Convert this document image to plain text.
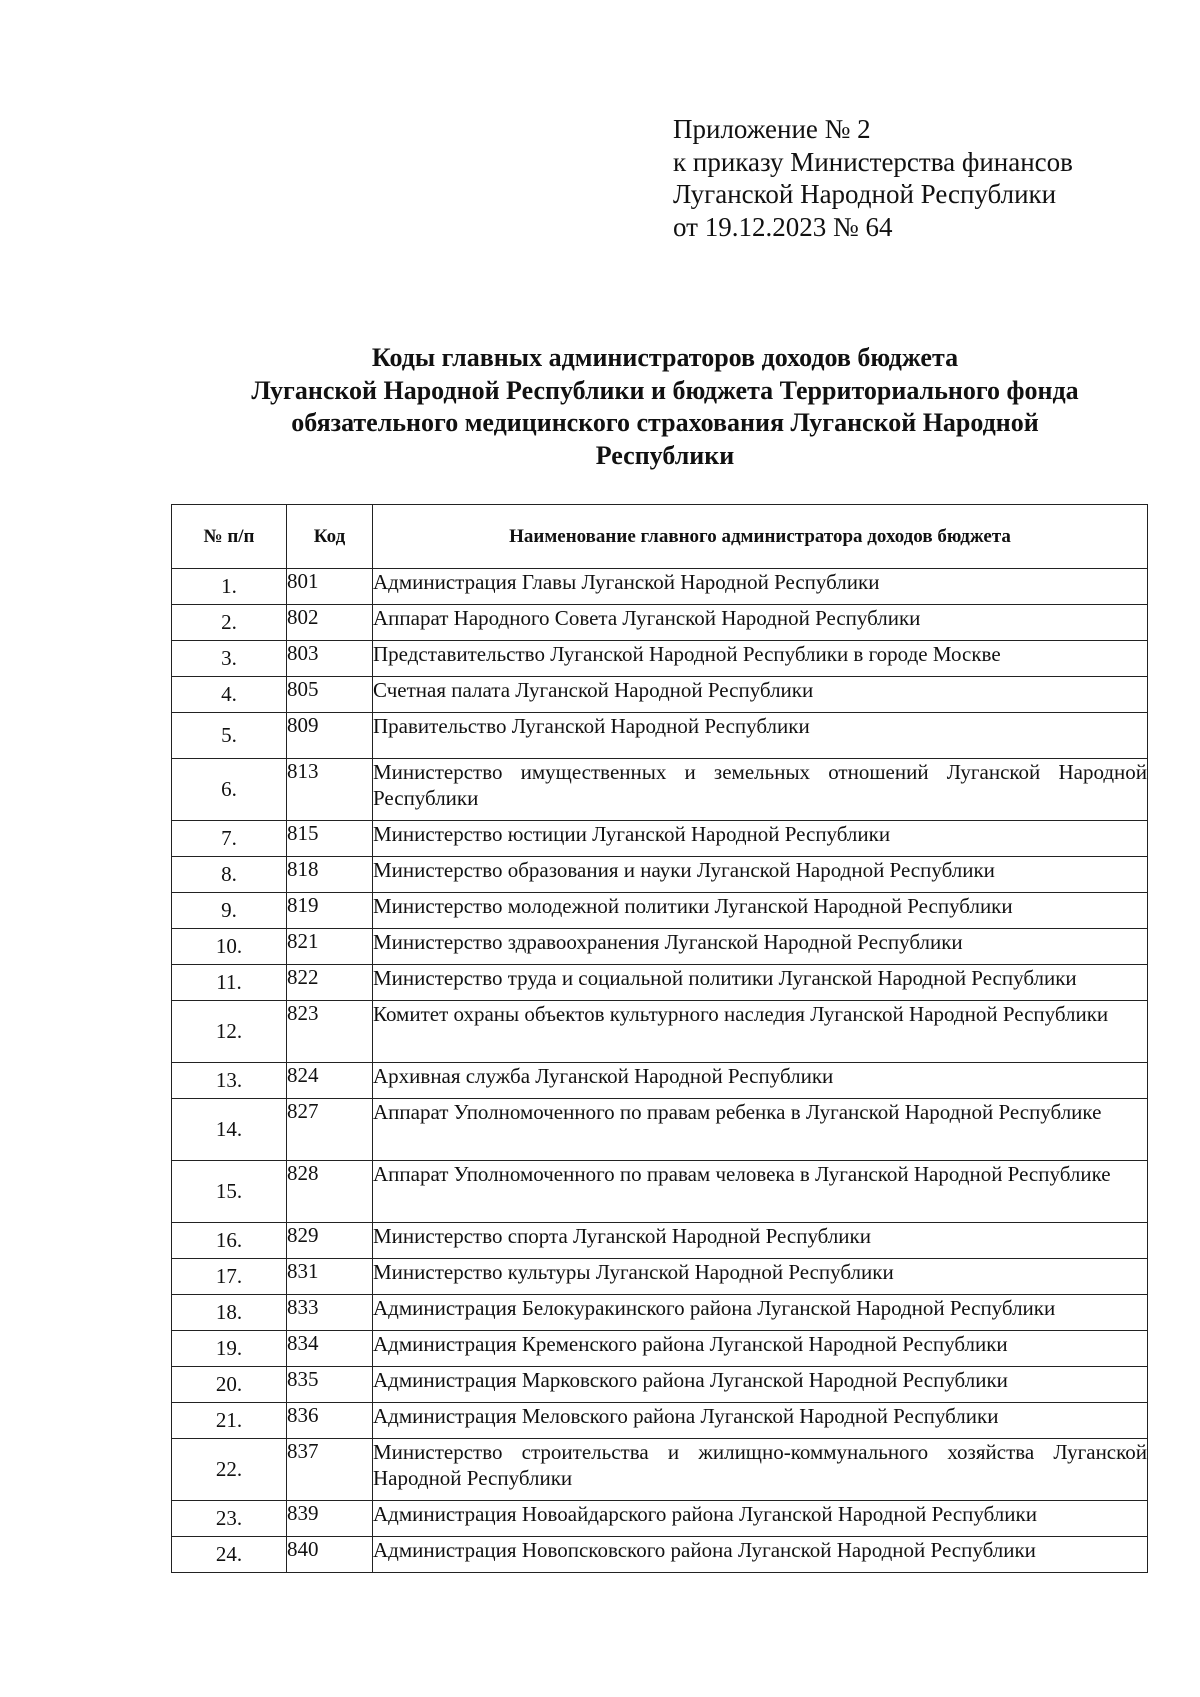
Приложение № 2
к приказу Министерства финансов
Луганской Народной Республики
от 19.12.2023 № 64
Коды главных администраторов доходов бюджета
Луганской Народной Республики и бюджета Территориального фонда
обязательного медицинского страхования Луганской Народной
Республики
№ п/п	Код	Наименование главного администратора доходов бюджета
1.	801	Администрация Главы Луганской Народной Республики
2.	802	Аппарат Народного Совета Луганской Народной Республики
3.	803	Представительство Луганской Народной Республики в городе Москве
4.	805	Счетная палата Луганской Народной Республики
5.	809	Правительство Луганской Народной Республики
6.	813	Министерство имущественных и земельных отношений Луганской Народной Республики
7.	815	Министерство юстиции Луганской Народной Республики
8.	818	Министерство образования и науки Луганской Народной Республики
9.	819	Министерство молодежной политики Луганской Народной Республики
10.	821	Министерство здравоохранения Луганской Народной Республики
11.	822	Министерство труда и социальной политики Луганской Народной Республики
12.	823	Комитет охраны объектов культурного наследия Луганской Народной Республики
13.	824	Архивная служба Луганской Народной Республики
14.	827	Аппарат Уполномоченного по правам ребенка в Луганской Народной Республике
15.	828	Аппарат Уполномоченного по правам человека в Луганской Народной Республике
16.	829	Министерство спорта Луганской Народной Республики
17.	831	Министерство культуры Луганской Народной Республики
18.	833	Администрация Белокуракинского района Луганской Народной Республики
19.	834	Администрация Кременского района Луганской Народной Республики
20.	835	Администрация Марковского района Луганской Народной Республики
21.	836	Администрация Меловского района Луганской Народной Республики
22.	837	Министерство строительства и жилищно-коммунального хозяйства Луганской Народной Республики
23.	839	Администрация Новоайдарского района Луганской Народной Республики
24.	840	Администрация Новопсковского района Луганской Народной Республики
